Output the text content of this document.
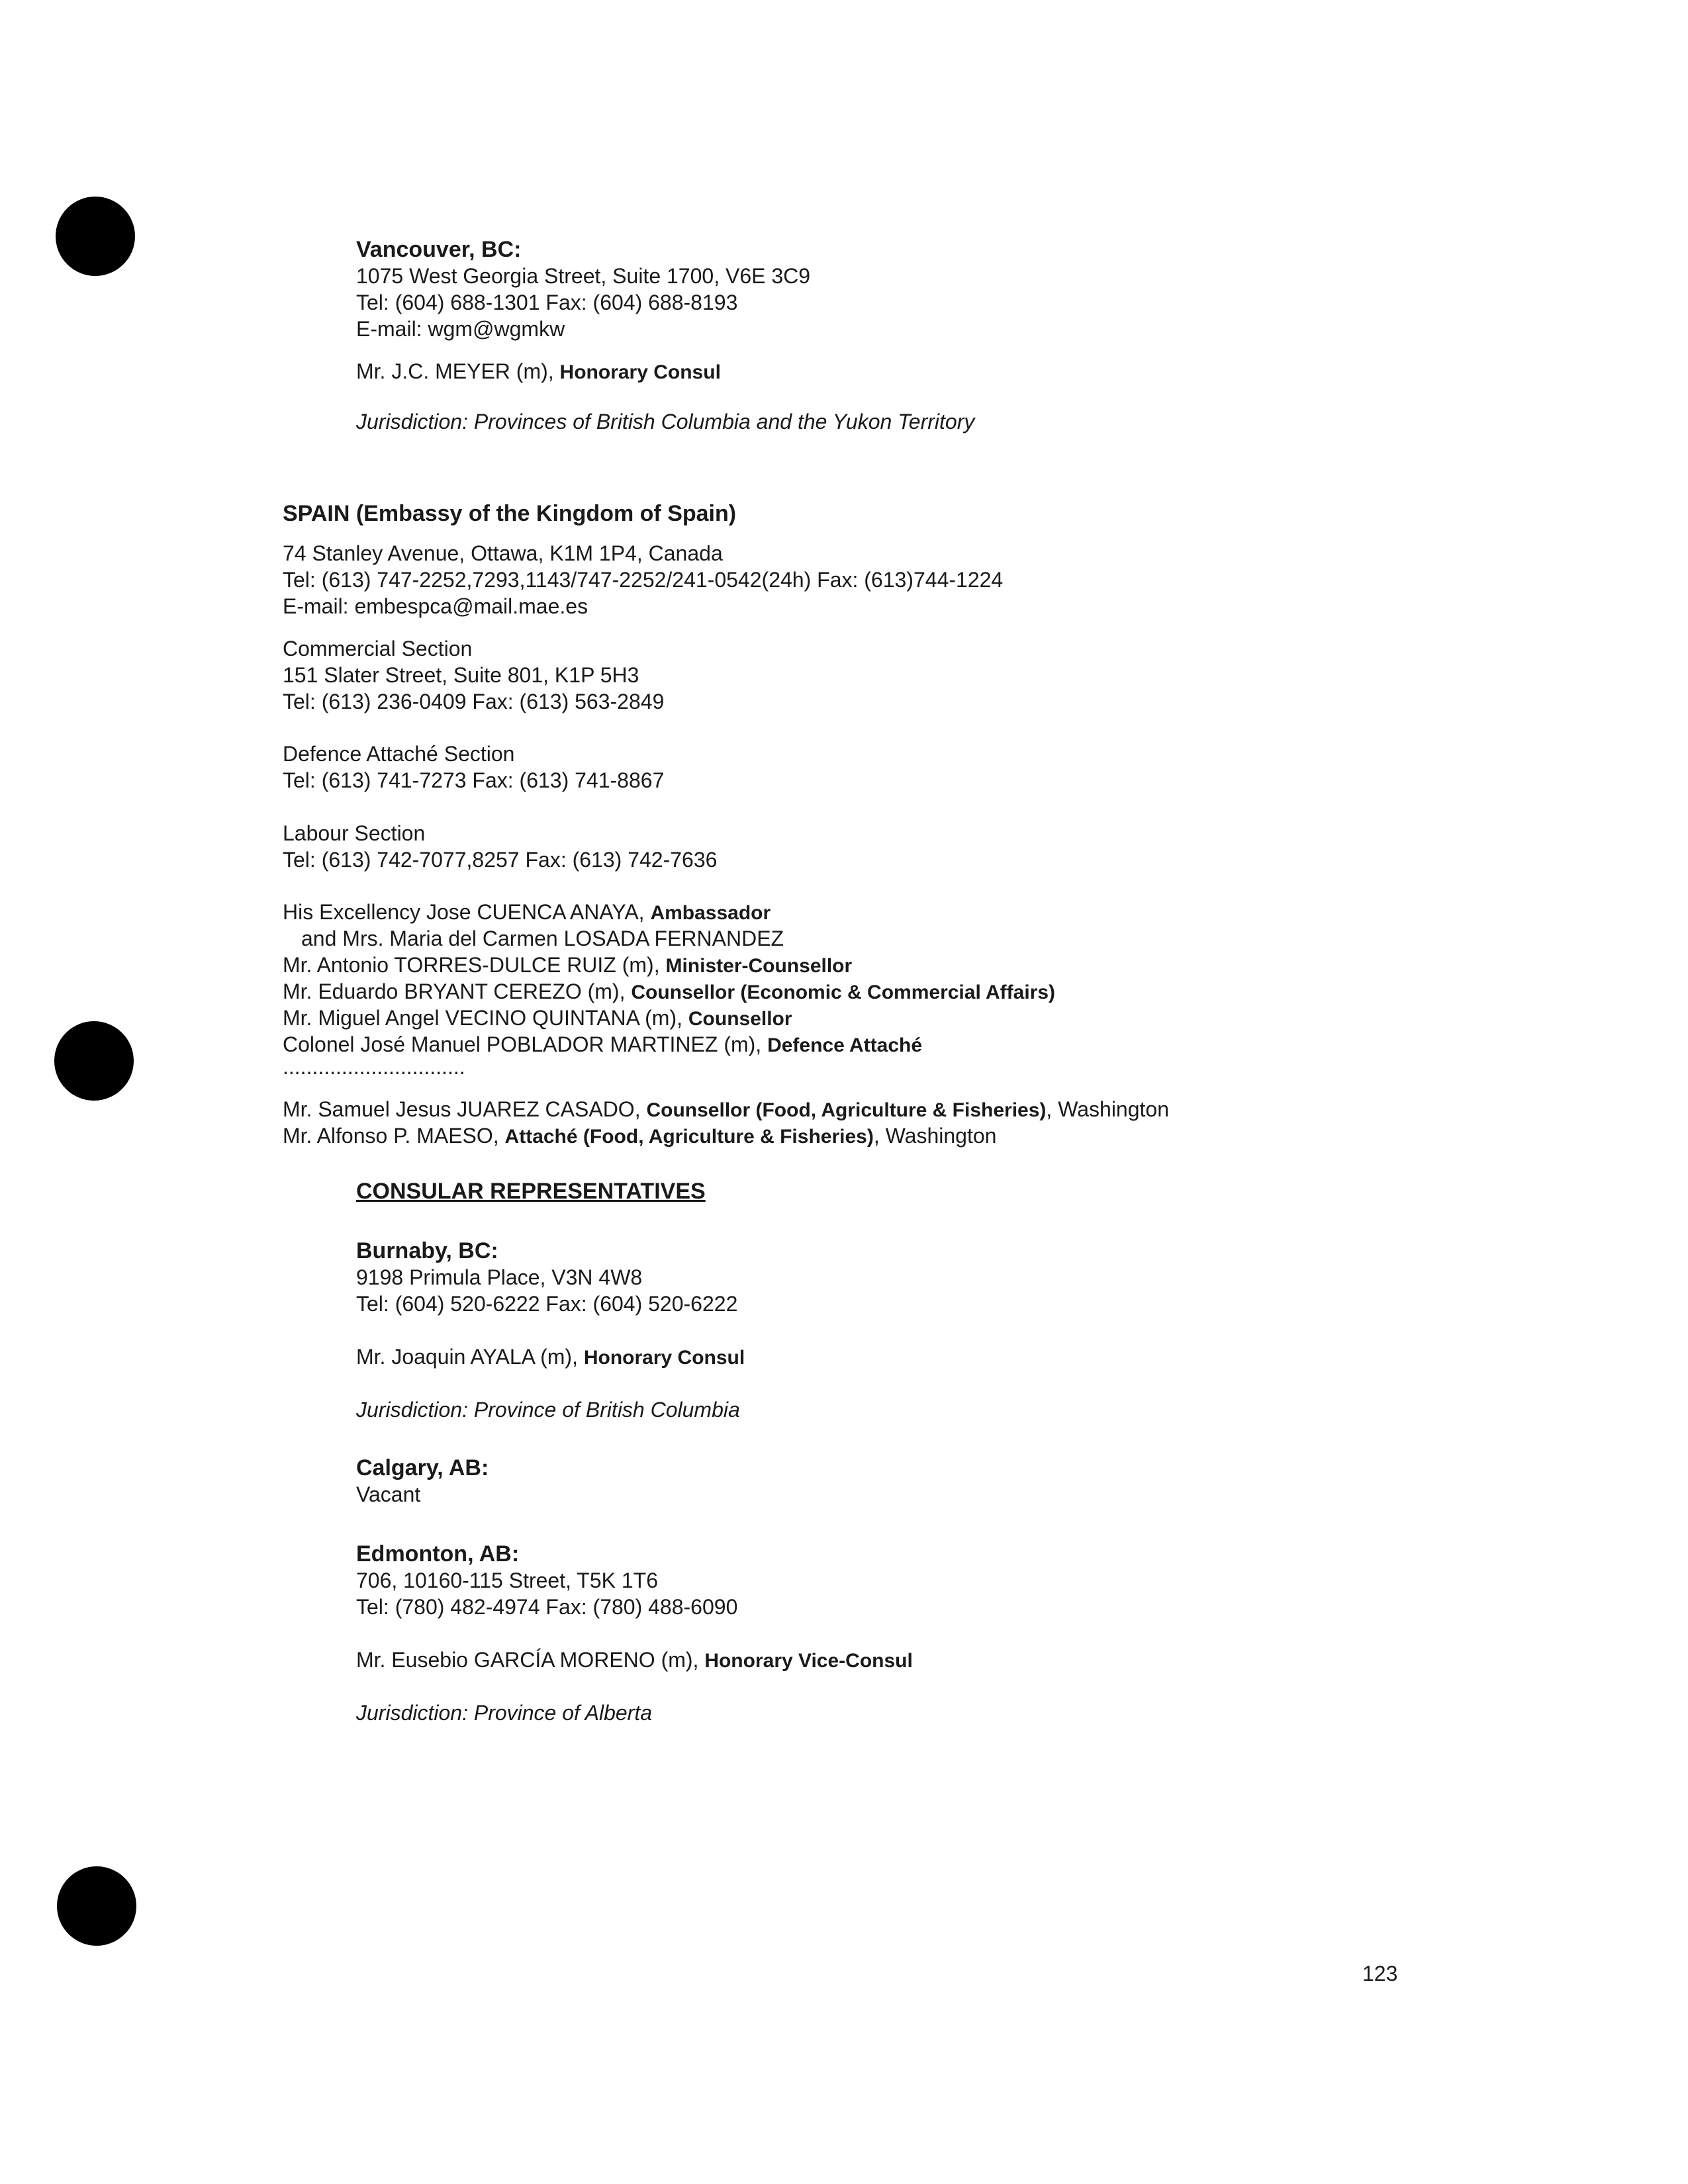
Vancouver, BC:
1075 West Georgia Street, Suite 1700, V6E 3C9
Tel: (604) 688-1301 Fax: (604) 688-8193
E-mail: wgm@wgmkw
Mr. J.C. MEYER (m), Honorary Consul
Jurisdiction: Provinces of British Columbia and the Yukon Territory
SPAIN (Embassy of the Kingdom of Spain)
74 Stanley Avenue, Ottawa, K1M 1P4, Canada
Tel: (613) 747-2252,7293,1143/747-2252/241-0542(24h) Fax: (613)744-1224
E-mail: embespca@mail.mae.es
Commercial Section
151 Slater Street, Suite 801, K1P 5H3
Tel: (613) 236-0409 Fax: (613) 563-2849
Defence Attaché Section
Tel: (613) 741-7273 Fax: (613) 741-8867
Labour Section
Tel: (613) 742-7077,8257 Fax: (613) 742-7636
His Excellency Jose CUENCA ANAYA, Ambassador
and Mrs. Maria del Carmen LOSADA FERNANDEZ
Mr. Antonio TORRES-DULCE RUIZ (m), Minister-Counsellor
Mr. Eduardo BRYANT CEREZO (m), Counsellor (Economic & Commercial Affairs)
Mr. Miguel Angel VECINO QUINTANA (m), Counsellor
Colonel José Manuel POBLADOR MARTINEZ (m), Defence Attaché
...............................
Mr. Samuel Jesus JUAREZ CASADO, Counsellor (Food, Agriculture & Fisheries), Washington
Mr. Alfonso P. MAESO, Attaché (Food, Agriculture & Fisheries), Washington
CONSULAR REPRESENTATIVES
Burnaby, BC:
9198 Primula Place, V3N 4W8
Tel: (604) 520-6222 Fax: (604) 520-6222
Mr. Joaquin AYALA (m), Honorary Consul
Jurisdiction: Province of British Columbia
Calgary, AB:
Vacant
Edmonton, AB:
706, 10160-115 Street, T5K 1T6
Tel: (780) 482-4974 Fax: (780) 488-6090
Mr. Eusebio GARCÍA MORENO (m), Honorary Vice-Consul
Jurisdiction: Province of Alberta
123
